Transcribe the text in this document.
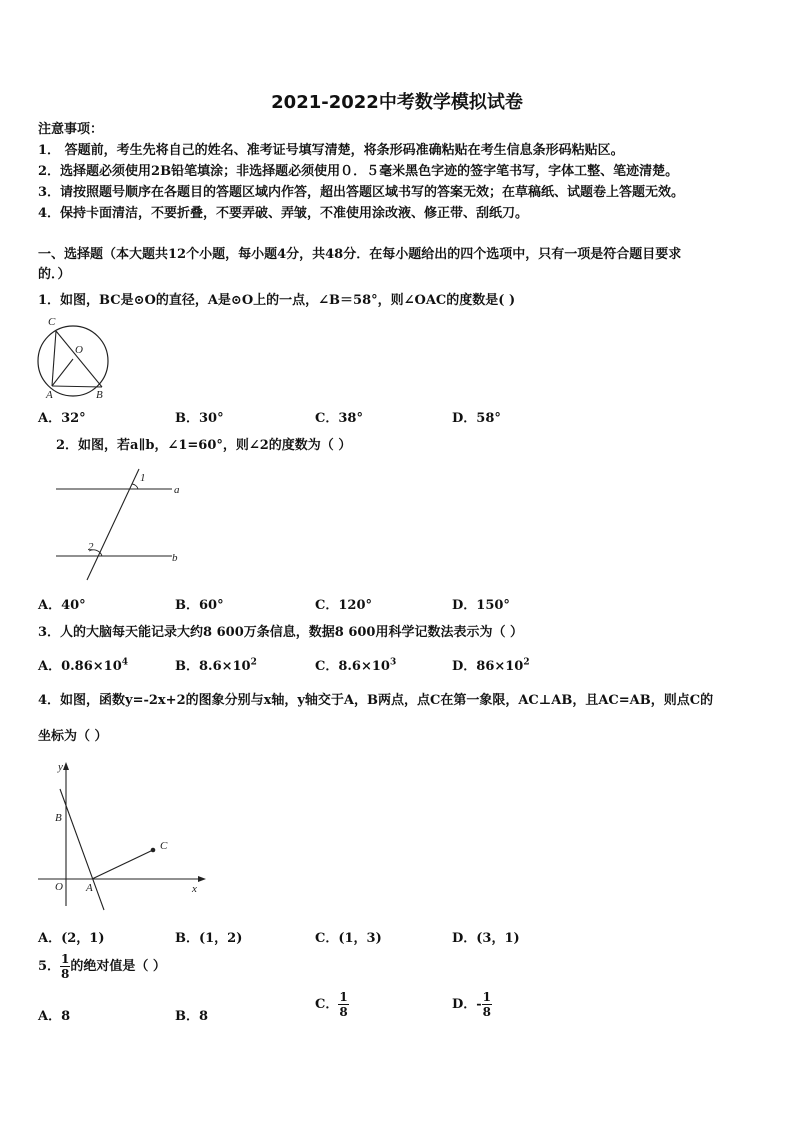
2021-2022中考数学模拟试卷
注意事项：
1． 答题前，考生先将自己的姓名、准考证号填写清楚，将条形码准确粘贴在考生信息条形码粘贴区。
2．选择题必须使用2B铅笔填涂；非选择题必须使用０．５毫米黑色字迹的签字笔书写，字体工整、笔迹清楚。
3．请按照题号顺序在各题目的答题区域内作答，超出答题区域书写的答案无效；在草稿纸、试题卷上答题无效。
4．保持卡面清洁，不要折叠，不要弄破、弄皱，不准使用涂改液、修正带、刮纸刀。
一、选择题（本大题共12个小题，每小题4分，共48分．在每小题给出的四个选项中，只有一项是符合题目要求
的．）
1．如图，BC是⊙O的直径，A是⊙O上的一点，∠B＝58°，则∠OAC的度数是( )
C
O
A	B
A．32°	B．30°	C．38°	D．58°
2．如图，若a∥b，∠1=60°，则∠2的度数为（ ）
1
2
a
b
A．40°	B．60°	C．120°	D．150°
3．人的大脑每天能记录大约8 600万条信息，数据8 600用科学记数法表示为（ ）
A．$0.86\times 10^4$	B．$8.6\times 10^2$	C．$8.6\times 10^3$	D．$86\times 10^2$
4．如图，函数y=-2x+2的图象分别与x轴，y轴交于A，B两点，点C在第一象限，AC⊥AB，且AC=AB，则点C的
坐标为（ ）
y
x
B
O A
C
A．(2，1)	B．(1，2)	C．(1，3)	D．(3，1)
5． $\frac{1}{8}$ 的绝对值是（ ）
A．8	B．8
C． $\frac{1}{8}$	D．- $\frac{1}{8}$
